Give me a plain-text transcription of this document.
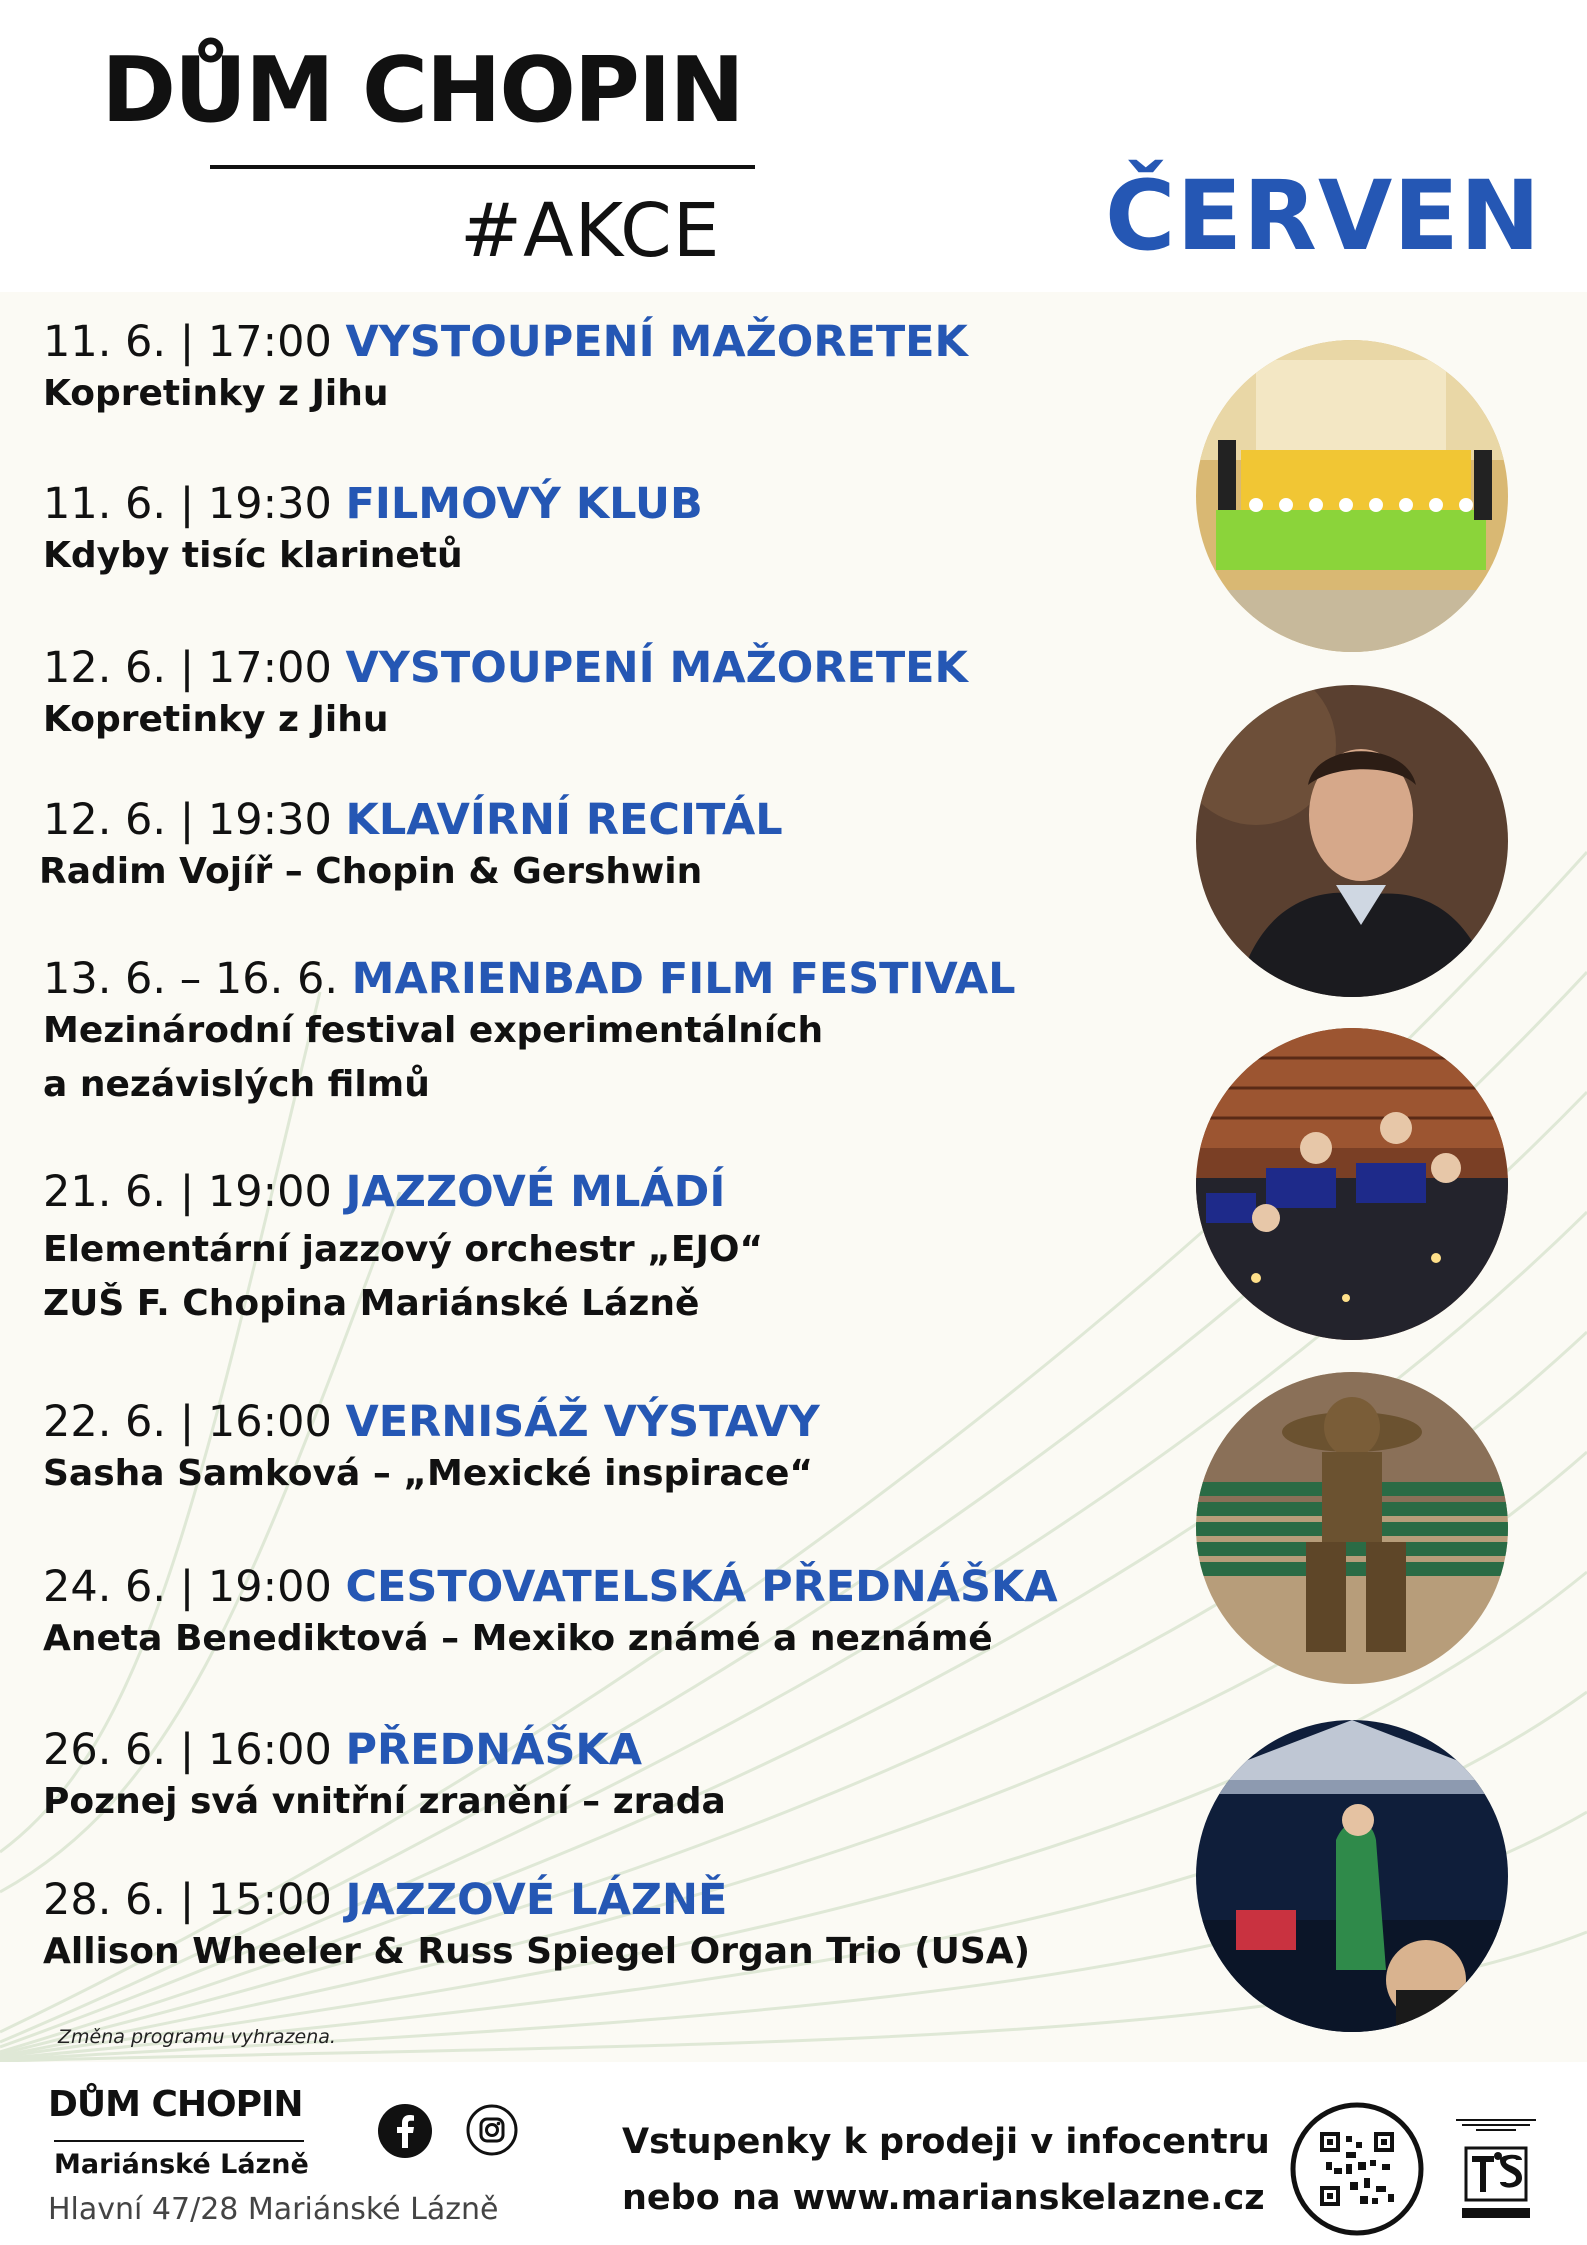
DŮM CHOPIN
#AKCE	ČERVEN
11. 6. | 17:00 VYSTOUPENÍ MAŽORETEK
Kopretinky z Jihu
11. 6. | 19:30 FILMOVÝ KLUB
Kdyby tisíc klarinetů
12. 6. | 17:00 VYSTOUPENÍ MAŽORETEK
Kopretinky z Jihu
12. 6. | 19:30 KLAVÍRNÍ RECITÁL
Radim Vojíř – Chopin & Gershwin
13. 6. – 16. 6. MARIENBAD FILM FESTIVAL
Mezinárodní festival experimentálních
a nezávislých filmů
21. 6. | 19:00 JAZZOVÉ MLÁDÍ
Elementární jazzový orchestr „EJO“
ZUŠ F. Chopina Mariánské Lázně
22. 6. | 16:00 VERNISÁŽ VÝSTAVY
Sasha Samková – „Mexické inspirace“
24. 6. | 19:00 CESTOVATELSKÁ PŘEDNÁŠKA
Aneta Benediktová – Mexiko známé a neznámé
26. 6. | 16:00 PŘEDNÁŠKA
Poznej svá vnitřní zranění – zrada
28. 6. | 15:00 JAZZOVÉ LÁZNĚ
Allison Wheeler & Russ Spiegel Organ Trio (USA)
Změna programu vyhrazena.
DŮM CHOPIN
Mariánské Lázně
Hlavní 47/28 Mariánské Lázně
Vstupenky k prodeji v infocentru
nebo na www.marianskelazne.cz
